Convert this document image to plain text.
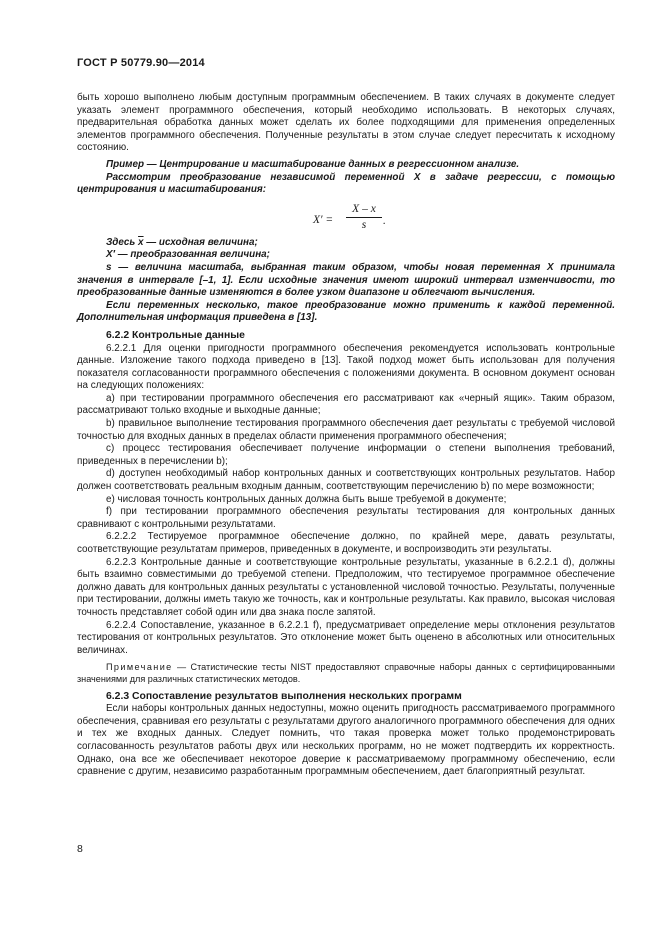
ГОСТ Р 50779.90—2014

быть хорошо выполнено любым доступным программным обеспечением. В таких случаях в документе следует указать элемент программного обеспечения, который необходимо использовать. В некоторых случаях, предварительная обработка данных может сделать их более подходящими для применения определенных элементов программного обеспечения. Полученные результаты в этом случае следует пересчитать к исходному состоянию.

Пример — Центрирование и масштабирование данных в регрессионном анализе.

Рассмотрим преобразование независимой переменной X в задаче регрессии, с помощью центрирования и масштабирования:

X′ =
X – x
s	.

Здесь $\overline{x}$ — исходная величина;

X′ — преобразованная величина;

s — величина масштаба, выбранная таким образом, чтобы новая переменная X принимала значения в интервале [–1, 1]. Если исходные значения имеют широкий интервал изменчивости, то преобразованные данные изменяются в более узком диапазоне и облегчают вычисления.

Если переменных несколько, такое преобразование можно применить к каждой переменной. Дополнительная информация приведена в [13].

6.2.2 Контрольные данные

6.2.2.1 Для оценки пригодности программного обеспечения рекомендуется использовать контрольные данные. Изложение такого подхода приведено в [13]. Такой подход может быть использован для получения показателя согласованности программного обеспечения с положениями документа. В основном документ основан на следующих положениях:

a) при тестировании программного обеспечения его рассматривают как «черный ящик». Таким образом, рассматривают только входные и выходные данные;

b) правильное выполнение тестирования программного обеспечения дает результаты с требуемой числовой точностью для входных данных в пределах области применения программного обеспечения;

c) процесс тестирования обеспечивает получение информации о степени выполнения требований, приведенных в перечислении b);

d) доступен необходимый набор контрольных данных и соответствующих контрольных результатов. Набор должен соответствовать реальным входным данным, соответствующим перечислению b) по мере возможности;

e) числовая точность контрольных данных должна быть выше требуемой в документе;

f) при тестировании программного обеспечения результаты тестирования для контрольных данных сравнивают с контрольными результатами.

6.2.2.2 Тестируемое программное обеспечение должно, по крайней мере, давать результаты, соответствующие результатам примеров, приведенных в документе, и воспроизводить эти результаты.

6.2.2.3 Контрольные данные и соответствующие контрольные результаты, указанные в 6.2.2.1 d), должны быть взаимно совместимыми до требуемой степени. Предположим, что тестируемое программное обеспечение должно давать для контрольных данных результаты с установленной числовой точностью. Результаты, полученные при тестировании, должны иметь такую же точность, как и контрольные результаты. Как правило, высокая числовая точность представляет собой один или два знака после запятой.

6.2.2.4 Сопоставление, указанное в 6.2.2.1 f), предусматривает определение меры отклонения результатов тестирования от контрольных результатов. Это отклонение может быть оценено в абсолютных или относительных величинах.

Примечание — Статистические тесты NIST предоставляют справочные наборы данных с сертифицированными значениями для различных статистических методов.

6.2.3 Сопоставление результатов выполнения нескольких программ

Если наборы контрольных данных недоступны, можно оценить пригодность рассматриваемого программного обеспечения, сравнивая его результаты с результатами другого аналогичного программного обеспечения для одних и тех же входных данных. Следует помнить, что такая проверка может только продемонстрировать согласованность результатов работы двух или нескольких программ, но не может подтвердить их корректность. Однако, она все же обеспечивает некоторое доверие к рассматриваемому программному обеспечению, если сравнение с другим, независимо разработанным программным обеспечением, дает благоприятный результат.

8
